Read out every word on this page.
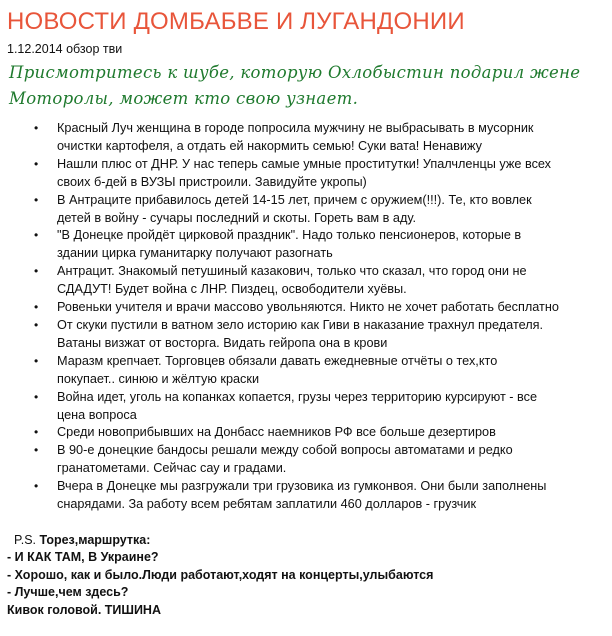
НОВОСТИ ДОМБАБВЕ И ЛУГАНДОНИИ
1.12.2014 обзор тви
Присмотритесь к шубе, которую Охлобыстин подарил жене
Моторолы, может кто свою узнает.
• Красный Луч женщина в городе попросила мужчину не выбрасывать в мусорник
очистки картофеля, а отдать ей накормить семью! Суки вата! Ненавижу
• Нашли плюс от ДНР. У нас теперь самые умные проститутки! Упалчленцы уже всех
своих б-дей в ВУЗЫ пристроили. Завидуйте укропы)
• В Антраците прибавилось детей 14-15 лет, причем с оружием(!!!). Те, кто вовлек
детей в войну - сучары последний и скоты. Гореть вам в аду.
• "В Донецке пройдёт цирковой праздник". Надо только пенсионеров, которые в
здании цирка гуманитарку получают разогнать
• Антрацит. Знакомый петушиный казакович, только что сказал, что город они не
СДАДУТ! Будет война с ЛНР. Пиздец, освободители хуёвы.
• Ровеньки учителя и врачи массово увольняются. Никто не хочет работать бесплатно
• От скуки пустили в ватном зело историю как Гиви в наказание трахнул предателя.
Ватаны визжат от восторга. Видать гейропа она в крови
• Маразм крепчает. Торговцев обязали давать ежедневные отчёты о тех,кто
покупает.. синюю и жёлтую краски
• Война идет, уголь на копанках копается, грузы через территорию курсируют - все
цена вопроса
• Среди новоприбывших на Донбасс наемников РФ все больше дезертиров
• В 90-е донецкие бандосы решали между собой вопросы автоматами и редко
гранатометами. Сейчас сау и градами.
• Вчера в Донецке мы разгружали три грузовика из гумконвоя. Они были заполнены
снарядами. За работу всем ребятам заплатили 460 долларов - грузчик
P.S. Торез,маршрутка:
- И КАК ТАМ, В Украине?
- Хорошо, как и было.Люди работают,ходят на концерты,улыбаются
- Лучше,чем здесь?
Кивок головой. ТИШИНА
